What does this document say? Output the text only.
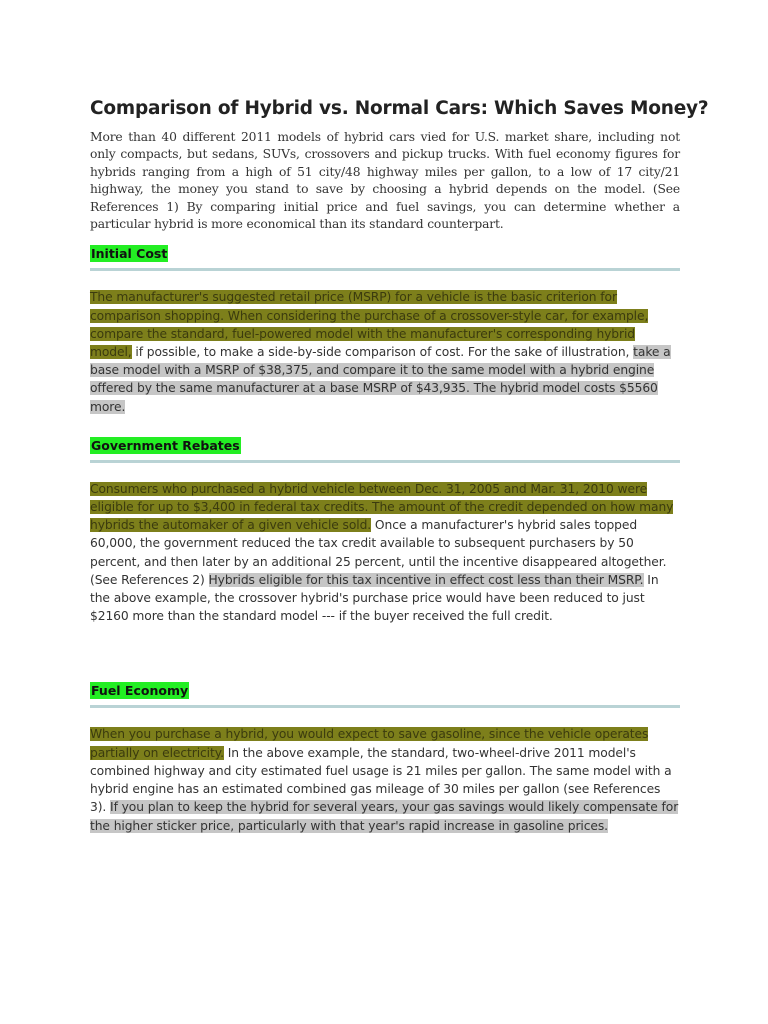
Comparison of Hybrid vs. Normal Cars: Which Saves Money?

More than 40 different 2011 models of hybrid cars vied for U.S. market share, including not only compacts, but sedans, SUVs, crossovers and pickup trucks. With fuel economy figures for hybrids ranging from a high of 51 city/48 highway miles per gallon, to a low of 17 city/21 highway, the money you stand to save by choosing a hybrid depends on the model. (See References 1) By comparing initial price and fuel savings, you can determine whether a particular hybrid is more economical than its standard counterpart.

Initial Cost

The manufacturer's suggested retail price (MSRP) for a vehicle is the basic criterion for comparison shopping. When considering the purchase of a crossover-style car, for example, compare the standard, fuel-powered model with the manufacturer's corresponding hybrid model, if possible, to make a side-by-side comparison of cost. For the sake of illustration, take a base model with a MSRP of $38,375, and compare it to the same model with a hybrid engine offered by the same manufacturer at a base MSRP of $43,935. The hybrid model costs $5560 more.

Government Rebates

Consumers who purchased a hybrid vehicle between Dec. 31, 2005 and Mar. 31, 2010 were eligible for up to $3,400 in federal tax credits. The amount of the credit depended on how many hybrids the automaker of a given vehicle sold. Once a manufacturer's hybrid sales topped 60,000, the government reduced the tax credit available to subsequent purchasers by 50 percent, and then later by an additional 25 percent, until the incentive disappeared altogether. (See References 2) Hybrids eligible for this tax incentive in effect cost less than their MSRP. In the above example, the crossover hybrid's purchase price would have been reduced to just $2160 more than the standard model --- if the buyer received the full credit.

Fuel Economy

When you purchase a hybrid, you would expect to save gasoline, since the vehicle operates partially on electricity. In the above example, the standard, two-wheel-drive 2011 model's combined highway and city estimated fuel usage is 21 miles per gallon. The same model with a hybrid engine has an estimated combined gas mileage of 30 miles per gallon (see References 3). If you plan to keep the hybrid for several years, your gas savings would likely compensate for the higher sticker price, particularly with that year's rapid increase in gasoline prices.
